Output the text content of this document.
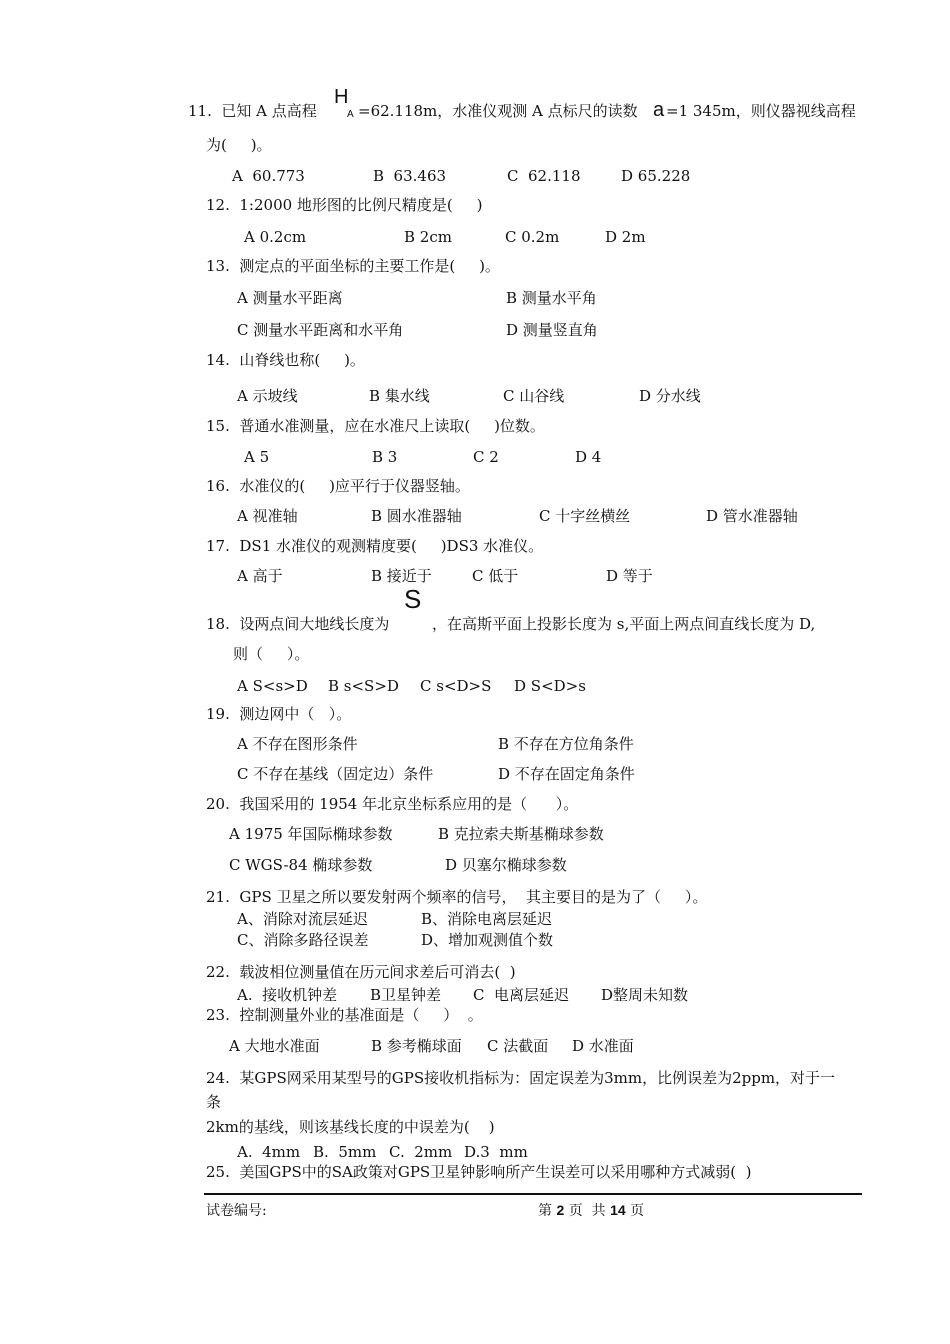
11.  已知 A 点高程
H
A =62.118m，水准仪观测 A 点标尺的读数 a =1 345m，则仪器视线高程
为(     )。
A  60.773	B  63.463	C  62.118	D 65.228
12.  1:2000 地形图的比例尺精度是(     )
A 0.2cm	B 2cm	C 0.2m	D 2m
13.  测定点的平面坐标的主要工作是(     )。
A 测量水平距离	B 测量水平角
C 测量水平距离和水平角	D 测量竖直角
14.  山脊线也称(     )。
A 示坡线	B 集水线	C 山谷线	D 分水线
15.  普通水准测量，应在水准尺上读取(     )位数。
A 5	B 3	C 2	D 4
16.  水准仪的(     )应平行于仪器竖轴。
A 视准轴	B 圆水准器轴	C 十字丝横丝	D 管水准器轴
17.  DS1 水准仪的观测精度要(     )DS3 水准仪。
A 高于	B 接近于	C 低于	D 等于
S
18.  设两点间大地线长度为	，在高斯平面上投影长度为 s,平面上两点间直线长度为 D,
则（     ）。
A S<s>D B s<S>D C s<D>S D S<D>s
19.  测边网中（   ）。
A 不存在图形条件	B 不存在方位角条件
C 不存在基线（固定边）条件	D 不存在固定角条件
20.  我国采用的 1954 年北京坐标系应用的是（      ）。
A 1975 年国际椭球参数	B 克拉索夫斯基椭球参数
C WGS-84 椭球参数	D 贝塞尔椭球参数
21.  GPS 卫星之所以要发射两个频率的信号，  其主要目的是为了（     ）。
A、消除对流层延迟	B、消除电离层延迟
C、消除多路径误差	D、增加观测值个数
22.  载波相位测量值在历元间求差后可消去(  )
A.  接收机钟差 B卫星钟差 C  电离层延迟 D整周未知数
23.  控制测量外业的基准面是（     ）  。
A 大地水准面	B 参考椭球面 C 法截面 D 水准面
24.  某GPS网采用某型号的GPS接收机指标为：固定误差为3mm，比例误差为2ppm，对于一
条
2km的基线，则该基线长度的中误差为(    )
A.  4mm B.  5mm C.  2mm D.3  mm
25.  美国GPS中的SA政策对GPS卫星钟影响所产生误差可以采用哪种方式减弱(  )
试卷编号:	第 2 页 共 14 页
